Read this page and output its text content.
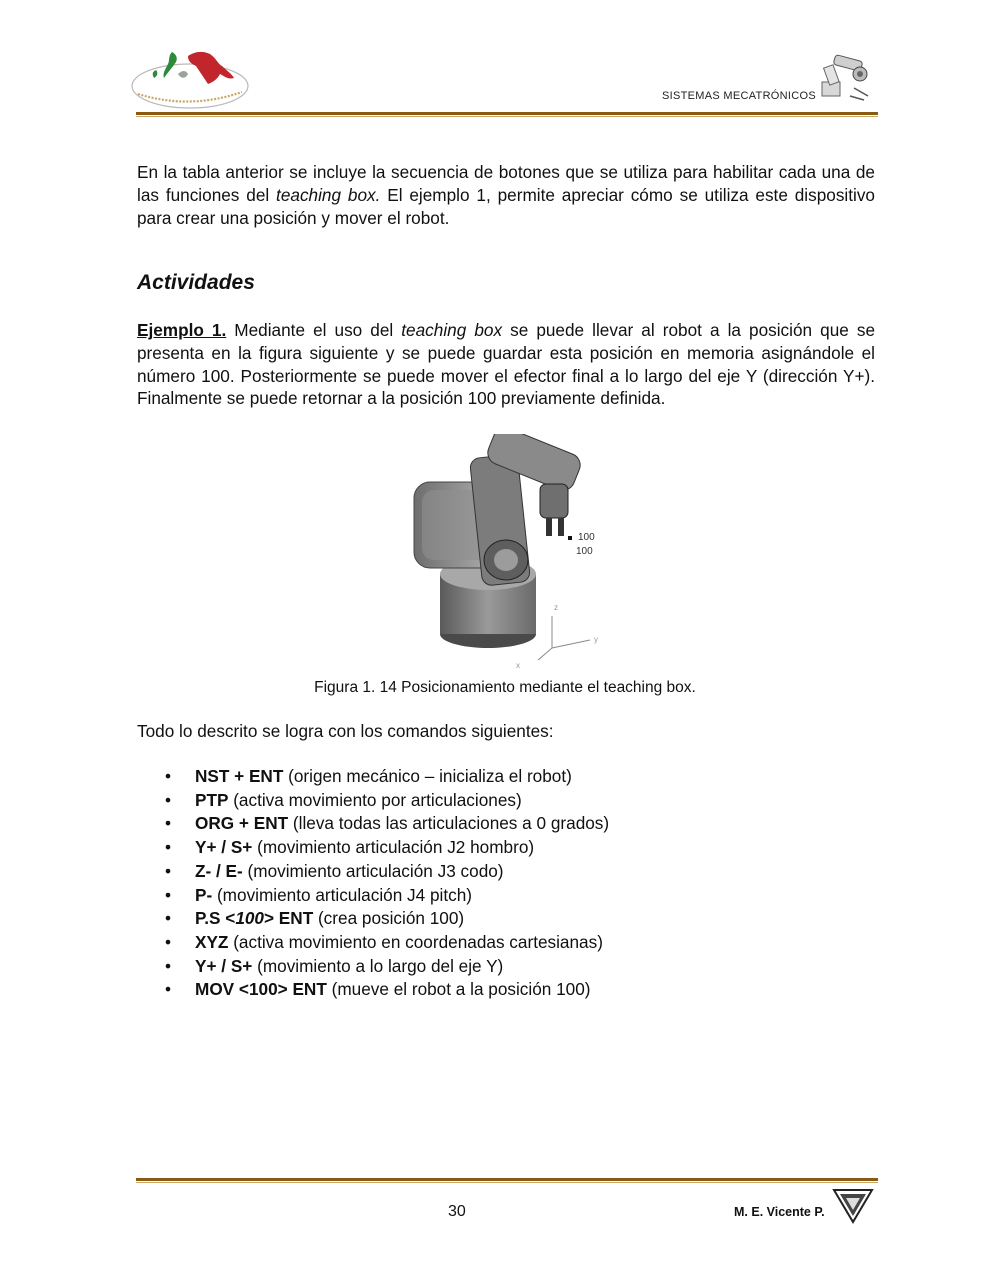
SISTEMAS MECATRÓNICOS

En la tabla anterior se incluye la secuencia de botones que se utiliza para habilitar cada una de las funciones del teaching box. El ejemplo 1, permite apreciar cómo se utiliza este dispositivo para crear una posición y mover el robot.

Actividades

Ejemplo 1. Mediante el uso del teaching box se puede llevar al robot a la posición que se presenta en la figura siguiente y se puede guardar esta posición en memoria asignándole el número 100. Posteriormente se puede mover el efector final a lo largo del eje Y (dirección Y+). Finalmente se puede retornar a la posición 100 previamente definida.

100
100
z
y
x

Figura 1. 14 Posicionamiento mediante el teaching box.

Todo lo descrito se logra con los comandos siguientes:

• NST + ENT (origen mecánico – inicializa el robot)
• PTP (activa movimiento por articulaciones)
• ORG + ENT (lleva todas las articulaciones a 0 grados)
• Y+ / S+ (movimiento articulación J2 hombro)
• Z- / E- (movimiento articulación J3 codo)
• P- (movimiento articulación J4 pitch)
• P.S <100> ENT (crea posición 100)
• XYZ (activa movimiento en coordenadas cartesianas)
• Y+ / S+ (movimiento a lo largo del eje Y)
• MOV <100> ENT (mueve el robot a la posición 100)
30	M. E. Vicente P.
